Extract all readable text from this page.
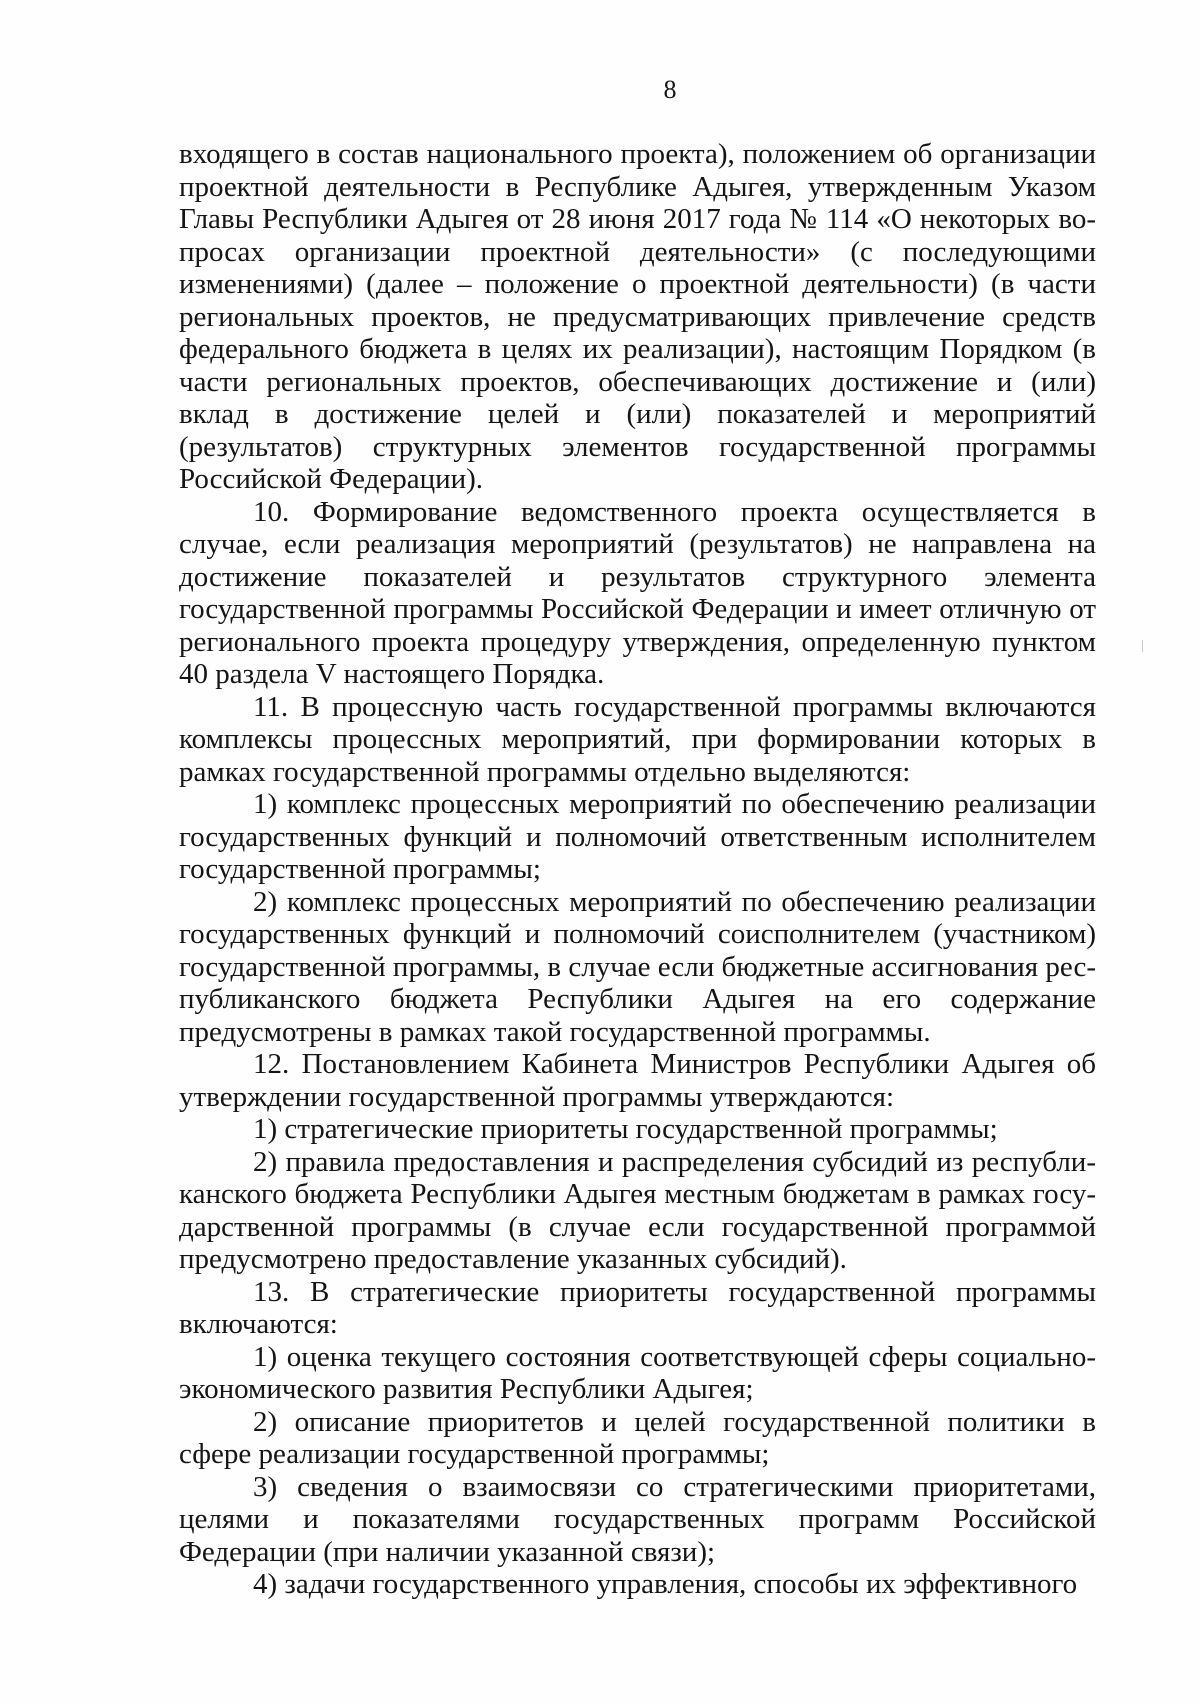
8

входящего в состав национального проекта), положением об организации проектной деятельности в Республике Адыгея, утвержденным Указом Главы Республики Адыгея от 28 июня 2017 года № 114 «О некоторых вопросах организации проектной деятельности» (с последующими изменениями) (далее – положение о проектной деятельности) (в части региональных проектов, не предусматривающих привлечение средств федерального бюджета в целях их реализации), настоящим Порядком (в части региональных проектов, обеспечивающих достижение и (или) вклад в достижение целей и (или) показателей и мероприятий (результатов) структурных элементов государственной программы Российской Федерации).

10. Формирование ведомственного проекта осуществляется в случае, если реализация мероприятий (результатов) не направлена на достижение показателей и результатов структурного элемента государственной программы Российской Федерации и имеет отличную от регионального проекта процедуру утверждения, определенную пунктом 40 раздела V настоящего Порядка.

11. В процессную часть государственной программы включаются комплексы процессных мероприятий, при формировании которых в рамках государственной программы отдельно выделяются:

1) комплекс процессных мероприятий по обеспечению реализации государственных функций и полномочий ответственным исполнителем государственной программы;

2) комплекс процессных мероприятий по обеспечению реализации государственных функций и полномочий соисполнителем (участником) государственной программы, в случае если бюджетные ассигнования республиканского бюджета Республики Адыгея на его содержание предусмотрены в рамках такой государственной программы.

12. Постановлением Кабинета Министров Республики Адыгея об утверждении государственной программы утверждаются:

1) стратегические приоритеты государственной программы;

2) правила предоставления и распределения субсидий из республиканского бюджета Республики Адыгея местным бюджетам в рамках государственной программы (в случае если государственной программой предусмотрено предоставление указанных субсидий).

13. В стратегические приоритеты государственной программы включаются:

1) оценка текущего состояния соответствующей сферы социально-экономического развития Республики Адыгея;

2) описание приоритетов и целей государственной политики в сфере реализации государственной программы;

3) сведения о взаимосвязи со стратегическими приоритетами, целями и показателями государственных программ Российской Федерации (при наличии указанной связи);

4) задачи государственного управления, способы их эффективного
